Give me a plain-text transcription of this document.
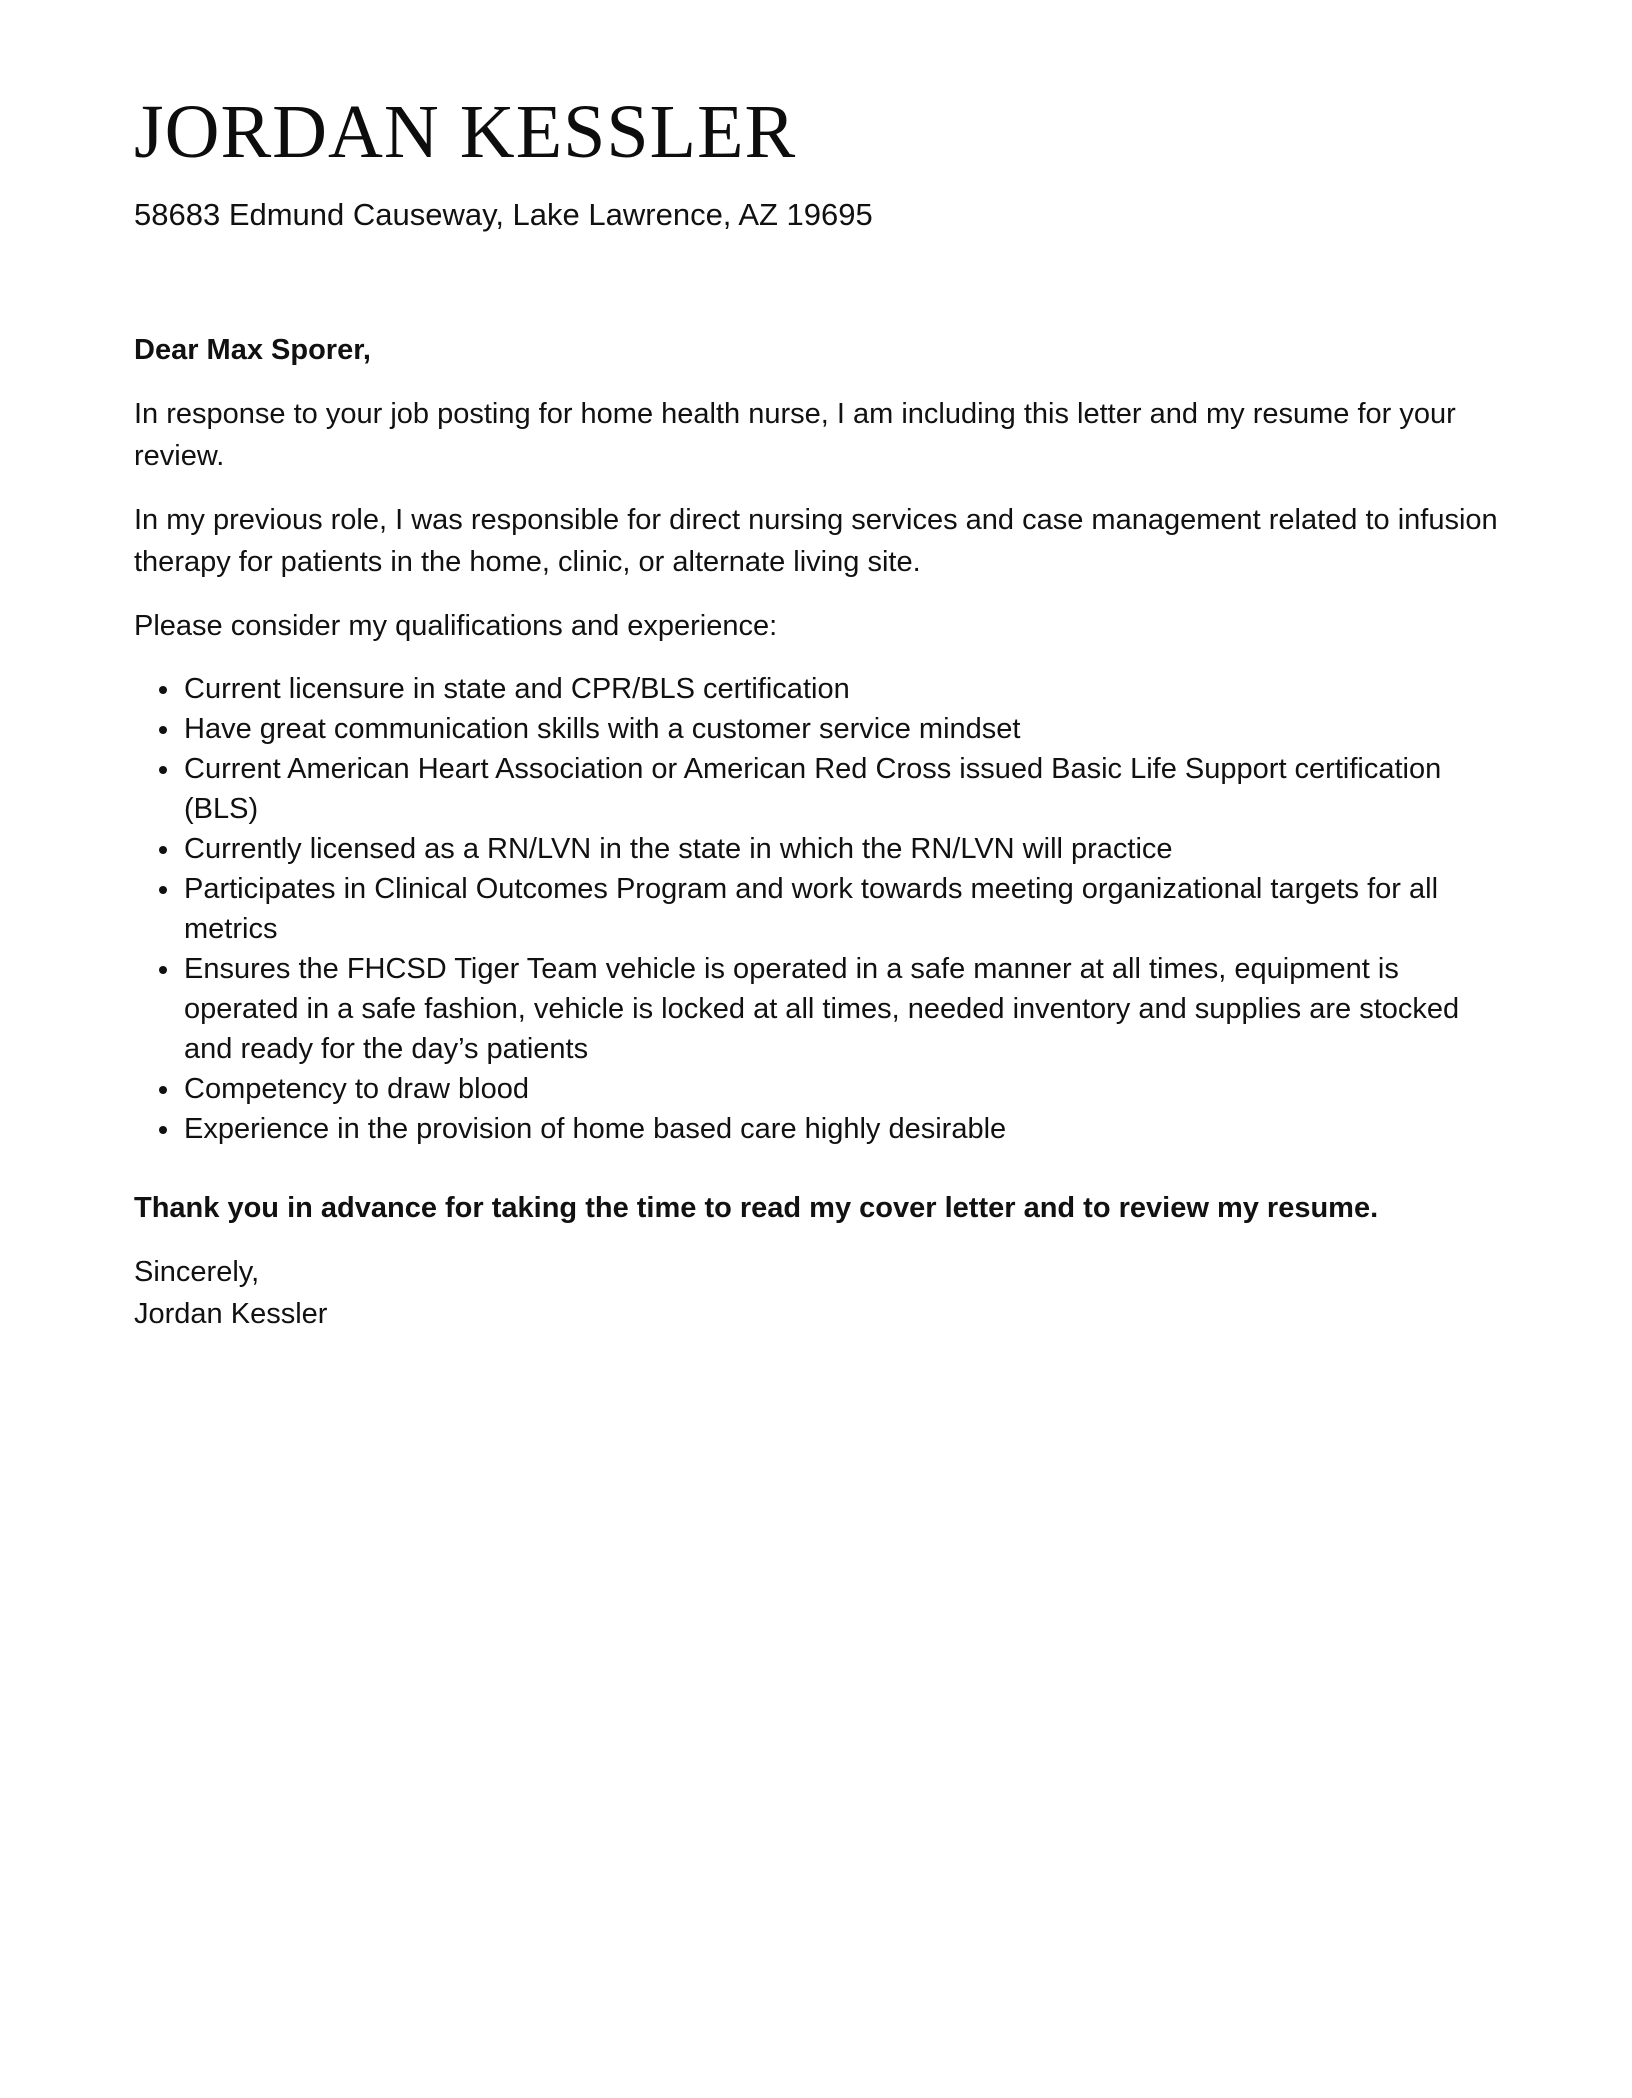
JORDAN KESSLER
58683 Edmund Causeway, Lake Lawrence, AZ 19695
Dear Max Sporer,
In response to your job posting for home health nurse, I am including this letter and my resume for your review.
In my previous role, I was responsible for direct nursing services and case management related to infusion therapy for patients in the home, clinic, or alternate living site.
Please consider my qualifications and experience:
• Current licensure in state and CPR/BLS certification
• Have great communication skills with a customer service mindset
• Current American Heart Association or American Red Cross issued Basic Life Support certification (BLS)
• Currently licensed as a RN/LVN in the state in which the RN/LVN will practice
• Participates in Clinical Outcomes Program and work towards meeting organizational targets for all metrics
• Ensures the FHCSD Tiger Team vehicle is operated in a safe manner at all times, equipment is operated in a safe fashion, vehicle is locked at all times, needed inventory and supplies are stocked and ready for the day’s patients
• Competency to draw blood
• Experience in the provision of home based care highly desirable
Thank you in advance for taking the time to read my cover letter and to review my resume.
Sincerely,
Jordan Kessler
